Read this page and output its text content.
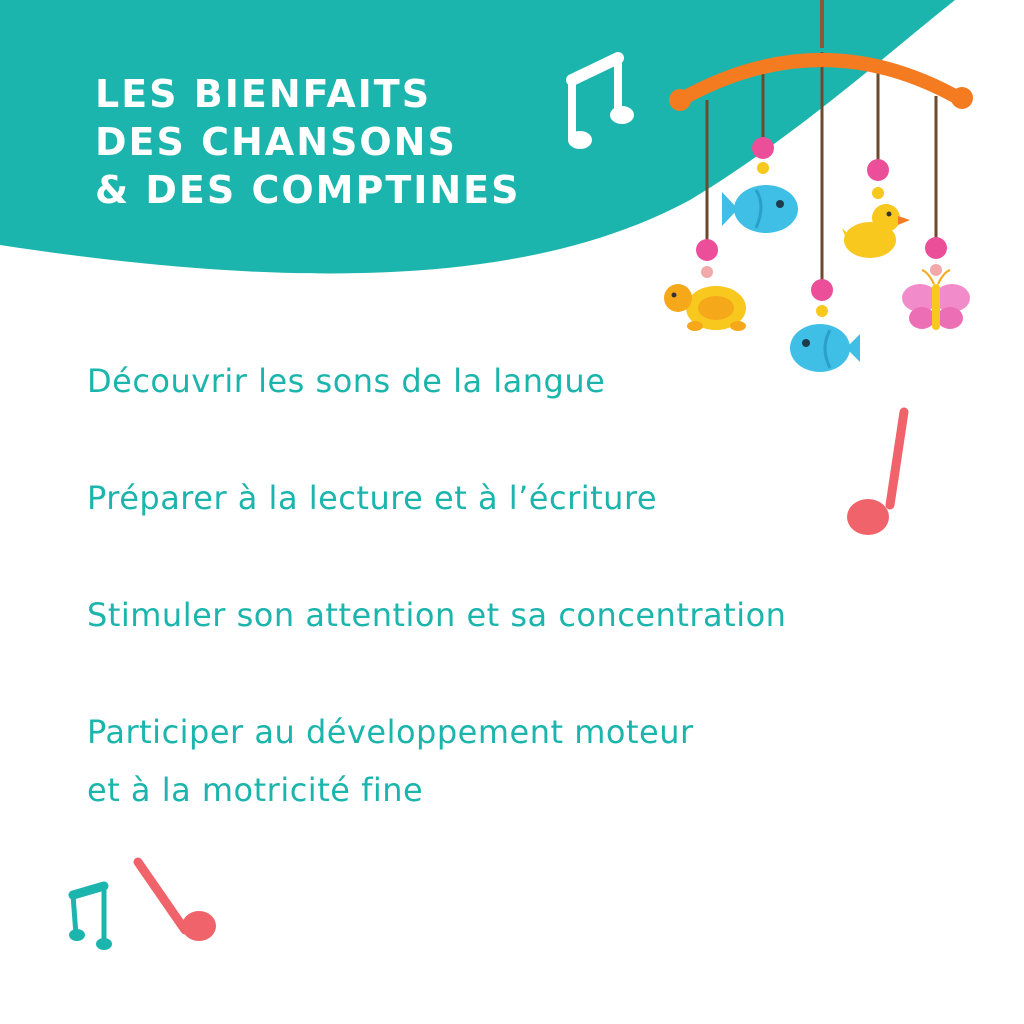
LES BIENFAITS
DES CHANSONS
& DES COMPTINES
Découvrir les sons de la langue
Préparer à la lecture et à l’écriture
Stimuler son attention et sa concentration
Participer au développement moteur
et à la motricité fine
